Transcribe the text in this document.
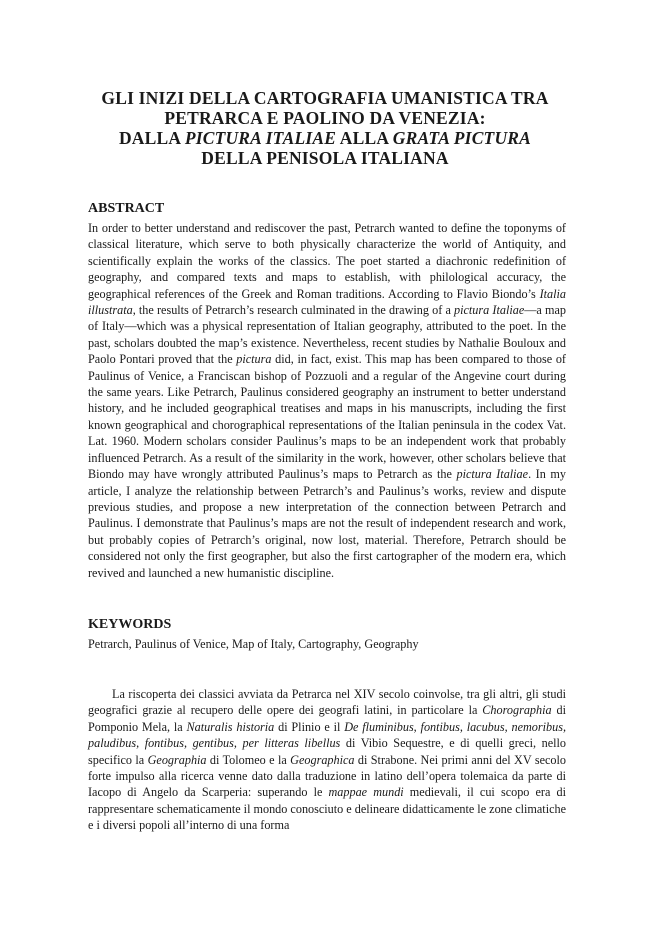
GLI INIZI DELLA CARTOGRAFIA UMANISTICA TRA
PETRARCA E PAOLINO DA VENEZIA:
DALLA PICTURA ITALIAE ALLA GRATA PICTURA
DELLA PENISOLA ITALIANA
ABSTRACT

In order to better understand and rediscover the past, Petrarch wanted to define the toponyms of classical literature, which serve to both physically characterize the world of Antiquity, and scientifically explain the works of the classics. The poet started a diachronic redefinition of geography, and compared texts and maps to establish, with philological accuracy, the geographical references of the Greek and Roman traditions. According to Flavio Biondo’s Italia illustrata, the results of Petrarch’s research culminated in the drawing of a pictura Italiae—a map of Italy—which was a physical representation of Italian geography, attributed to the poet. In the past, scholars doubted the map’s existence. Nevertheless, recent studies by Nathalie Bouloux and Paolo Pontari proved that the pictura did, in fact, exist. This map has been compared to those of Paulinus of Venice, a Franciscan bishop of Pozzuoli and a regular of the Angevine court during the same years. Like Petrarch, Paulinus considered geography an instrument to better understand history, and he included geographical treatises and maps in his manuscripts, including the first known geographical and chorographical representations of the Italian peninsula in the codex Vat. Lat. 1960. Modern scholars consider Paulinus’s maps to be an independent work that probably influenced Petrarch. As a result of the similarity in the work, however, other scholars believe that Biondo may have wrongly attributed Paulinus’s maps to Petrarch as the pictura Italiae. In my article, I analyze the relationship between Petrarch’s and Paulinus’s works, review and dispute previous studies, and propose a new interpretation of the connection between Petrarch and Paulinus. I demonstrate that Paulinus’s maps are not the result of independent research and work, but probably copies of Petrarch’s original, now lost, material. Therefore, Petrarch should be considered not only the first geographer, but also the first cartographer of the modern era, which revived and launched a new humanistic discipline.

KEYWORDS

Petrarch, Paulinus of Venice, Map of Italy, Cartography, Geography

La riscoperta dei classici avviata da Petrarca nel XIV secolo coinvolse, tra gli altri, gli studi geografici grazie al recupero delle opere dei geografi latini, in particolare la Chorographia di Pomponio Mela, la Naturalis historia di Plinio e il De fluminibus, fontibus, lacubus, nemoribus, paludibus, fontibus, gentibus, per litteras libellus di Vibio Sequestre, e di quelli greci, nello specifico la Geographia di Tolomeo e la Geographica di Strabone. Nei primi anni del XV secolo forte impulso alla ricerca venne dato dalla traduzione in latino dell’opera tolemaica da parte di Iacopo di Angelo da Scarperia: superando le mappae mundi medievali, il cui scopo era di rappresentare schematicamente il mondo conosciuto e delineare didatticamente le zone climatiche e i diversi popoli all’interno di una forma
